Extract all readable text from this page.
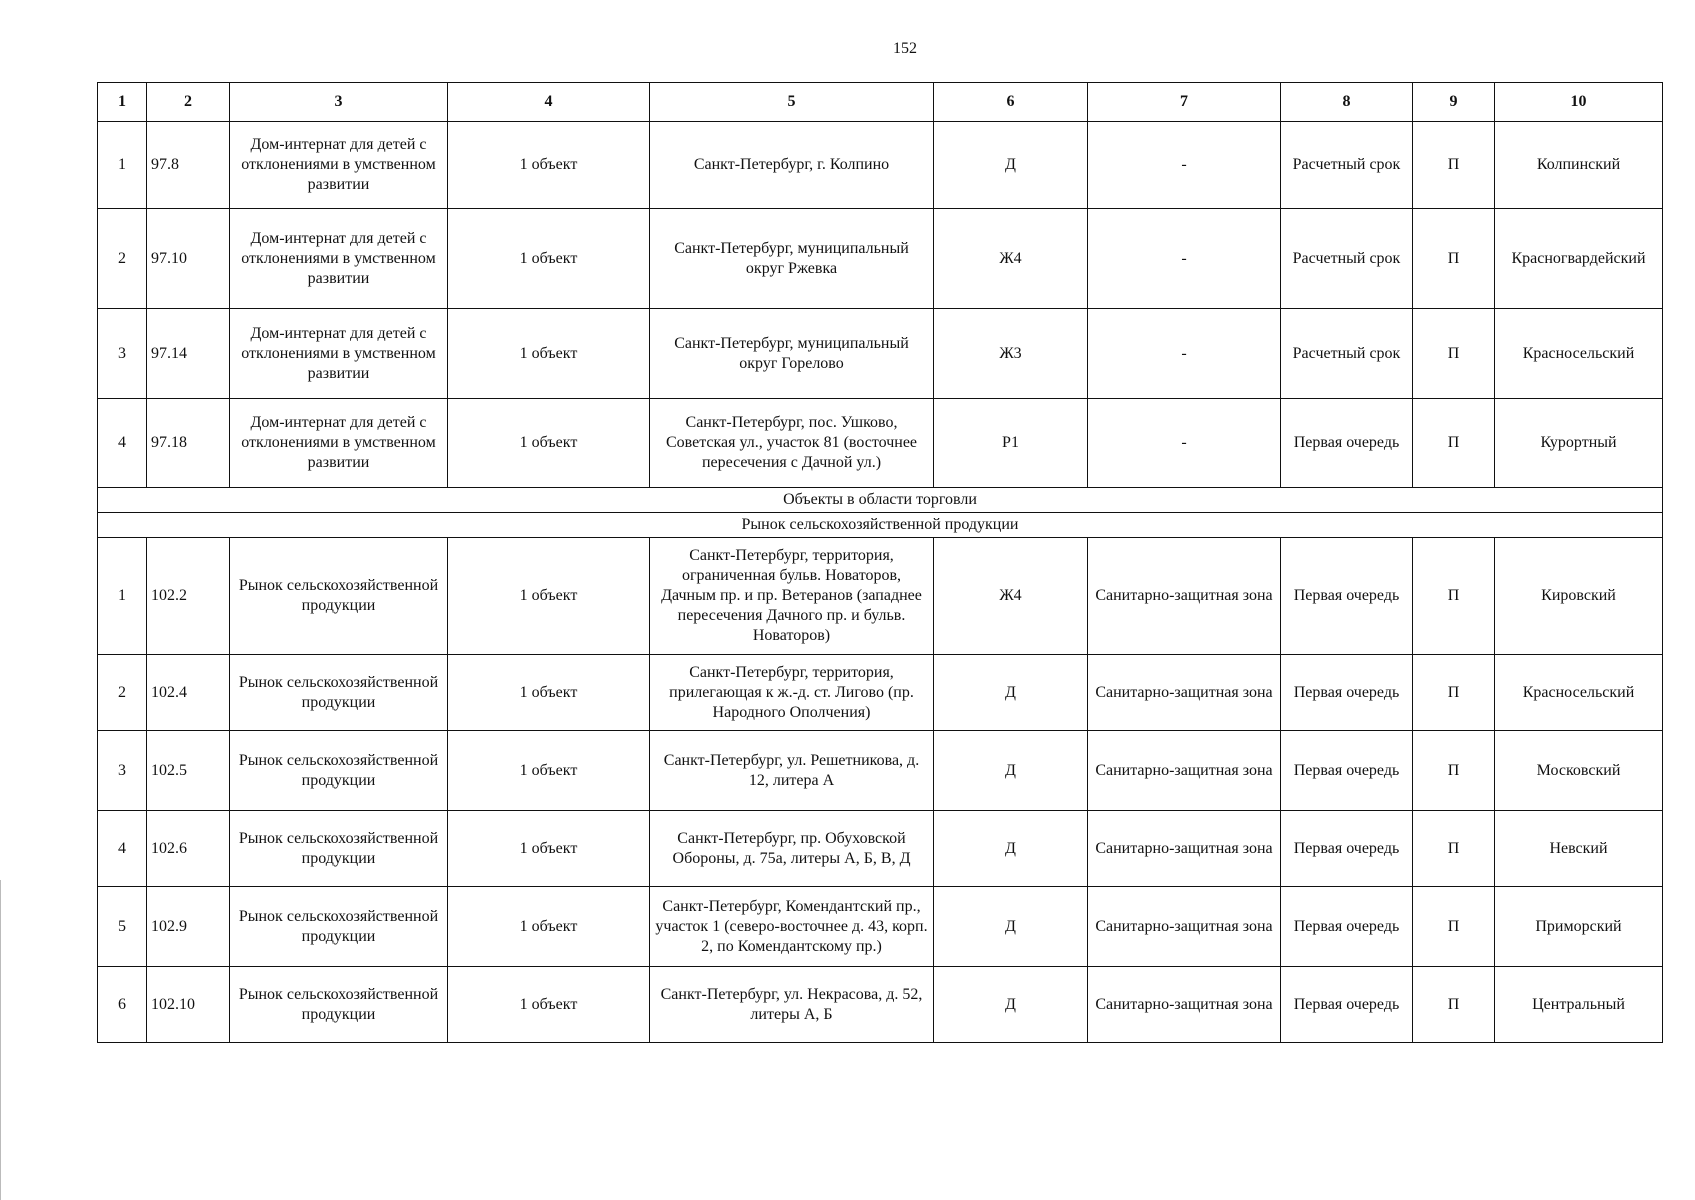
152
1	2	3	4	5	6	7	8	9	10
1	97.8	Дом-интернат для детей с отклонениями в умственном развитии	1 объект	Санкт-Петербург, г. Колпино	Д	-	Расчетный срок	П	Колпинский
2	97.10	Дом-интернат для детей с отклонениями в умственном развитии	1 объект	Санкт-Петербург, муниципальный округ Ржевка	Ж4	-	Расчетный срок	П	Красногвардейский
3	97.14	Дом-интернат для детей с отклонениями в умственном развитии	1 объект	Санкт-Петербург, муниципальный округ Горелово	Ж3	-	Расчетный срок	П	Красносельский
4	97.18	Дом-интернат для детей с отклонениями в умственном развитии	1 объект	Санкт-Петербург, пос. Ушково, Советская ул., участок 81 (восточнее пересечения с Дачной ул.)	Р1	-	Первая очередь	П	Курортный
Объекты в области торговли									
Рынок сельскохозяйственной продукции									
1	102.2	Рынок сельскохозяйственной продукции	1 объект	Санкт-Петербург, территория, ограниченная бульв. Новаторов, Дачным пр. и пр. Ветеранов (западнее пересечения Дачного пр. и бульв. Новаторов)	Ж4	Санитарно-защитная зона	Первая очередь	П	Кировский
2	102.4	Рынок сельскохозяйственной продукции	1 объект	Санкт-Петербург, территория, прилегающая к ж.-д. ст. Лигово (пр. Народного Ополчения)	Д	Санитарно-защитная зона	Первая очередь	П	Красносельский
3	102.5	Рынок сельскохозяйственной продукции	1 объект	Санкт-Петербург, ул. Решетникова, д. 12, литера А	Д	Санитарно-защитная зона	Первая очередь	П	Московский
4	102.6	Рынок сельскохозяйственной продукции	1 объект	Санкт-Петербург, пр. Обуховской Обороны, д. 75а, литеры А, Б, В, Д	Д	Санитарно-защитная зона	Первая очередь	П	Невский
5	102.9	Рынок сельскохозяйственной продукции	1 объект	Санкт-Петербург, Комендантский пр., участок 1 (северо-восточнее д. 43, корп. 2, по Комендантскому пр.)	Д	Санитарно-защитная зона	Первая очередь	П	Приморский
6	102.10	Рынок сельскохозяйственной продукции	1 объект	Санкт-Петербург, ул. Некрасова, д. 52, литеры А, Б	Д	Санитарно-защитная зона	Первая очередь	П	Центральный
